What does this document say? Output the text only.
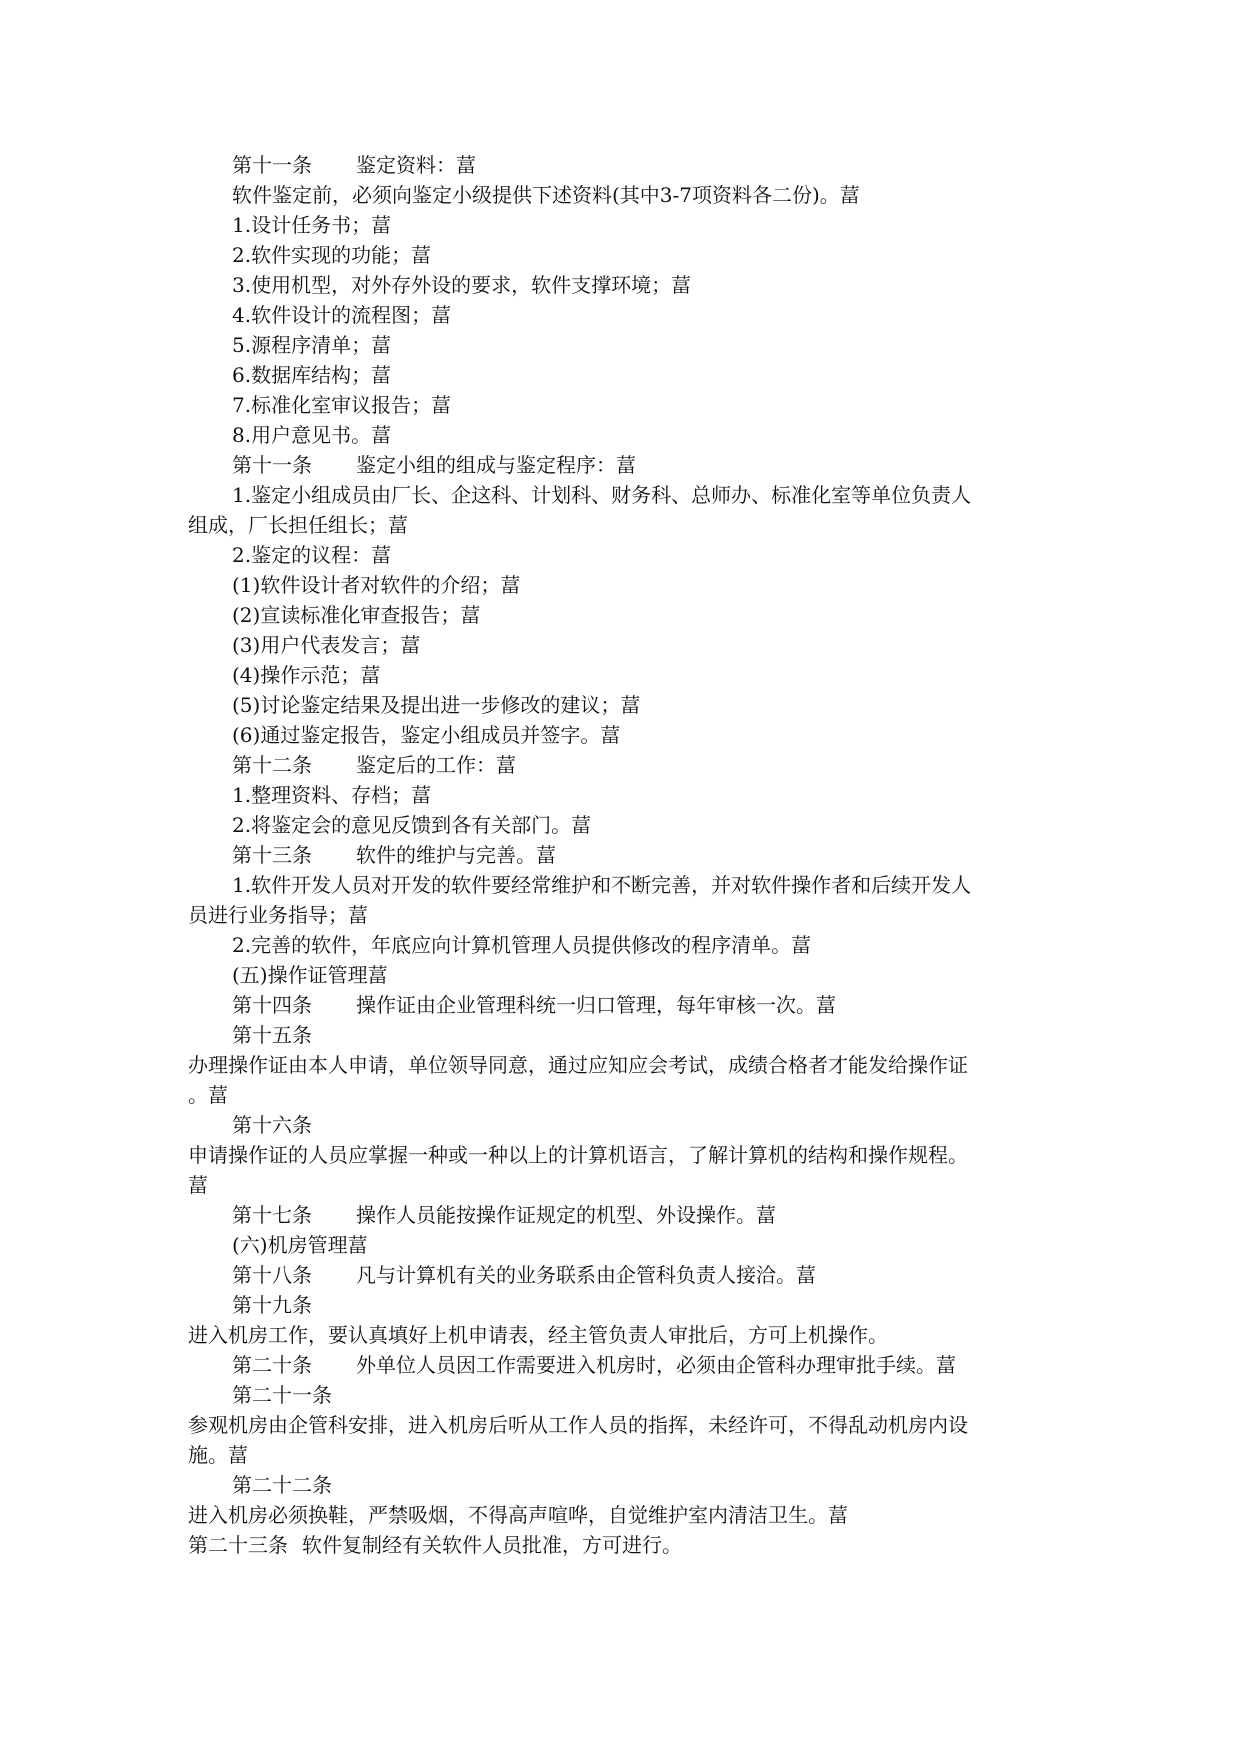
第十一条 鉴定资料：葍
软件鉴定前，必须向鉴定小级提供下述资料(其中3-7项资料各二份)。葍
1.设计任务书；葍
2.软件实现的功能；葍
3.使用机型，对外存外设的要求，软件支撑环境；葍
4.软件设计的流程图；葍
5.源程序清单；葍
6.数据库结构；葍
7.标准化室审议报告；葍
8.用户意见书。葍
第十一条 鉴定小组的组成与鉴定程序：葍
1.鉴定小组成员由厂长、企这科、计划科、财务科、总师办、标准化室等单位负责人
组成，厂长担任组长；葍
2.鉴定的议程：葍
(1)软件设计者对软件的介绍；葍
(2)宣读标准化审查报告；葍
(3)用户代表发言；葍
(4)操作示范；葍
(5)讨论鉴定结果及提出进一步修改的建议；葍
(6)通过鉴定报告，鉴定小组成员并签字。葍
第十二条 鉴定后的工作：葍
1.整理资料、存档；葍
2.将鉴定会的意见反馈到各有关部门。葍
第十三条 软件的维护与完善。葍
1.软件开发人员对开发的软件要经常维护和不断完善，并对软件操作者和后续开发人
员进行业务指导；葍
2.完善的软件，年底应向计算机管理人员提供修改的程序清单。葍
(五)操作证管理葍
第十四条 操作证由企业管理科统一归口管理，每年审核一次。葍
第十五条
办理操作证由本人申请，单位领导同意，通过应知应会考试，成绩合格者才能发给操作证
。葍
第十六条
申请操作证的人员应掌握一种或一种以上的计算机语言，了解计算机的结构和操作规程。
葍
第十七条 操作人员能按操作证规定的机型、外设操作。葍
(六)机房管理葍
第十八条 凡与计算机有关的业务联系由企管科负责人接洽。葍
第十九条
进入机房工作，要认真填好上机申请表，经主管负责人审批后，方可上机操作。
第二十条 外单位人员因工作需要进入机房时，必须由企管科办理审批手续。葍
第二十一条
参观机房由企管科安排，进入机房后听从工作人员的指挥，未经许可，不得乱动机房内设
施。葍
第二十二条
进入机房必须换鞋，严禁吸烟，不得高声喧哗，自觉维护室内清洁卫生。葍
第二十三条 软件复制经有关软件人员批准，方可进行。
